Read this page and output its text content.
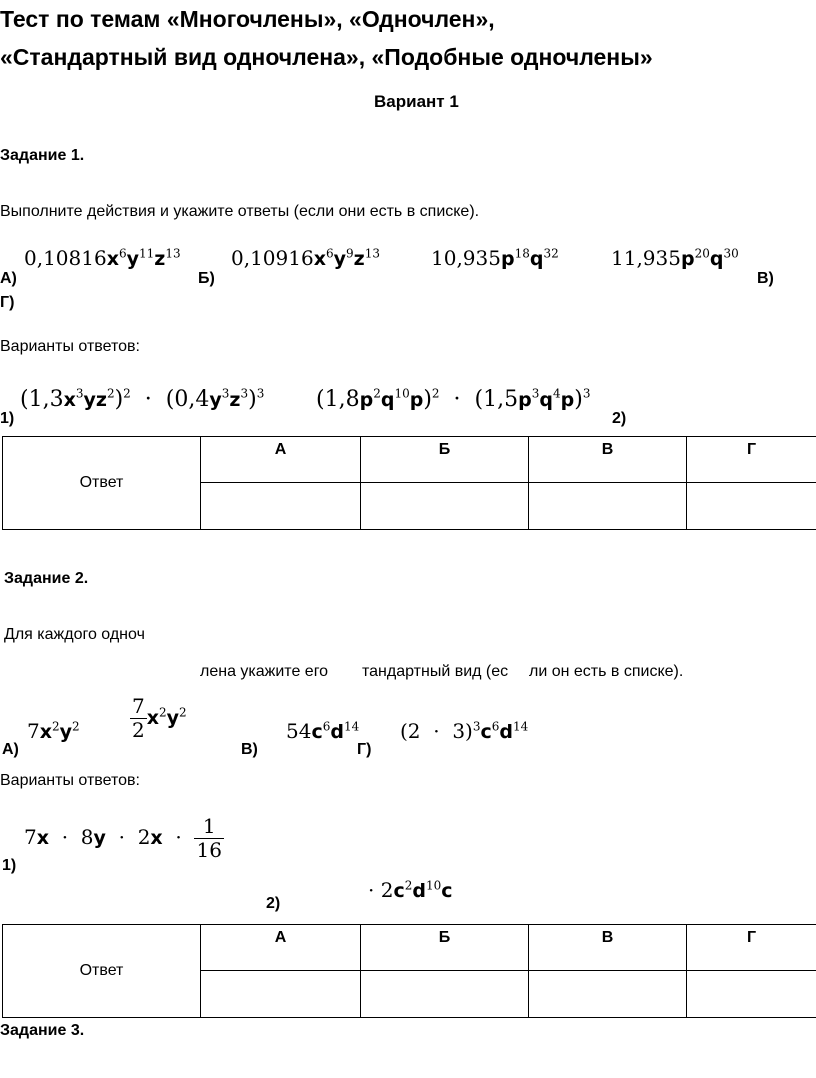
Тест по темам «Многочлены», «Одночлен»,
«Стандартный вид одночлена», «Подобные одночлены»
Вариант 1
Задание 1.
Выполните действия и укажите ответы (если они есть в списке).
$0,10816x^6y^{11}z^{13}$	$0,10916x^6y^9z^{13}$	$10,935p^{18}q^{32}$	$11,935p^{20}q^{30}$
А)	Б)	В)
Г)
Варианты ответов:
$(1,3x^3yz^2)^2 \cdot (0,4y^3z^3)^3$ $(1,8p^2q^{10}p)^2 \cdot (1,5p^3q^4p)^3$
1)	2)
Ответ	А	Б	В	Г

Задание 2.
Для каждого одноч
лена укажите его тандартный вид (ес ли он есть в списке).
$7x^2y^2$	$\frac{7}{2} x^2y^2$
$54c^6d^{14}$ $(2 \cdot 3)^3c^6d^{14}$
А)	В)	Г)
Варианты ответов:
$7x \cdot 8y \cdot 2x \cdot \frac{1}{16}$
· $2c^2d^{10}c$
1)
2)
Ответ	А	Б	В	Г

Задание 3.
